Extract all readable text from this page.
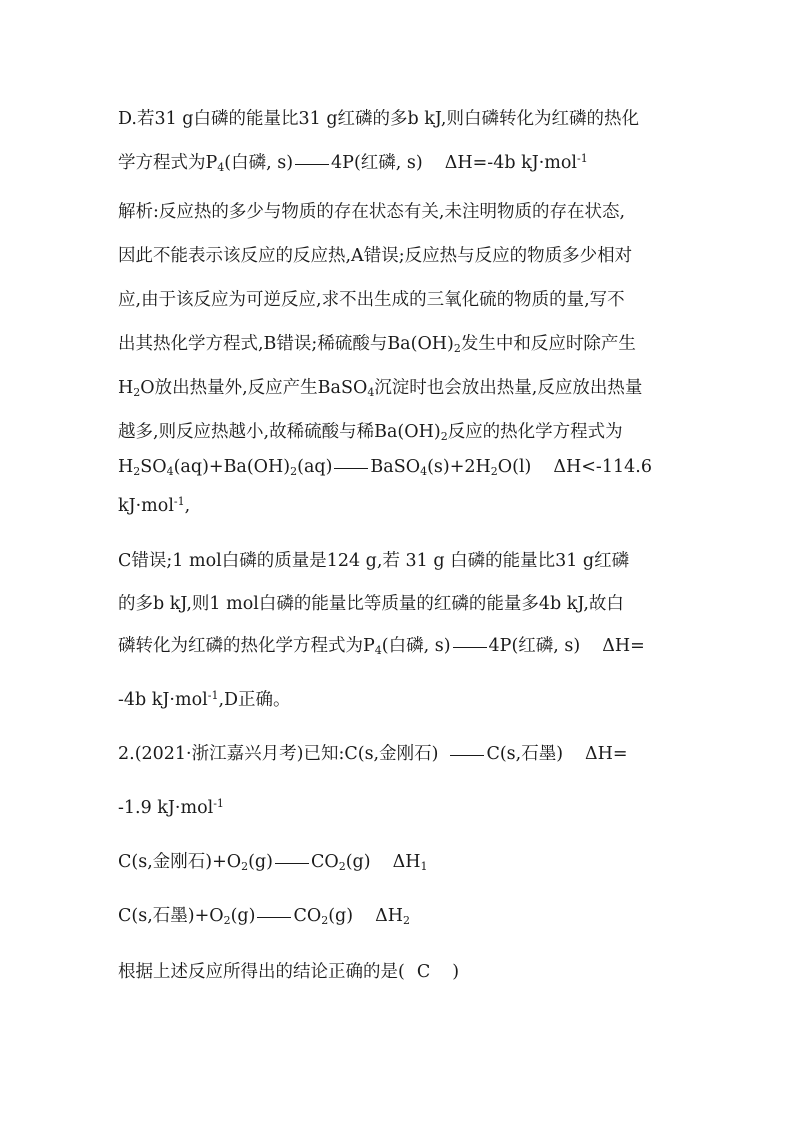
D.若31 g白磷的能量比31 g红磷的多b kJ,则白磷转化为红磷的热化
学方程式为$P_4$(白磷, s) 4P(红磷, s) ΔH=-4b kJ·mol$^{-1}$
解析:反应热的多少与物质的存在状态有关,未注明物质的存在状态,
因此不能表示该反应的反应热,A错误;反应热与反应的物质多少相对
应,由于该反应为可逆反应,求不出生成的三氧化硫的物质的量,写不
出其热化学方程式,B错误;稀硫酸与$Ba(OH)_2$发生中和反应时除产生
$H_2O$放出热量外,反应产生BaSO$_4$沉淀时也会放出热量,反应放出热量
越多,则反应热越小,故稀硫酸与稀$Ba(OH)_2$反应的热化学方程式为
$H_2SO_4(aq)+Ba(OH)_2(aq)$ $BaSO_4(s)+2H_2O(l)$ ΔH<-114.6
kJ·mol$^{-1}$,
C错误;1 mol白磷的质量是124 g,若 31 g 白磷的能量比31 g红磷
的多b kJ,则1 mol白磷的能量比等质量的红磷的能量多4b kJ,故白
磷转化为红磷的热化学方程式为$P_4$(白磷, s) 4P(红磷, s) ΔH=
-4b kJ·mol$^{-1}$,D正确。
2.(2021·浙江嘉兴月考)已知:C(s,金刚石)	C(s,石墨) ΔH=
-1.9 kJ·mol$^{-1}$
C(s,金刚石)$+O_2(g)$ $CO_2(g)$ $\Delta H_1$
C(s,石墨)$+O_2(g)$ $CO_2(g)$ $\Delta H_2$
根据上述反应所得出的结论正确的是( C )
